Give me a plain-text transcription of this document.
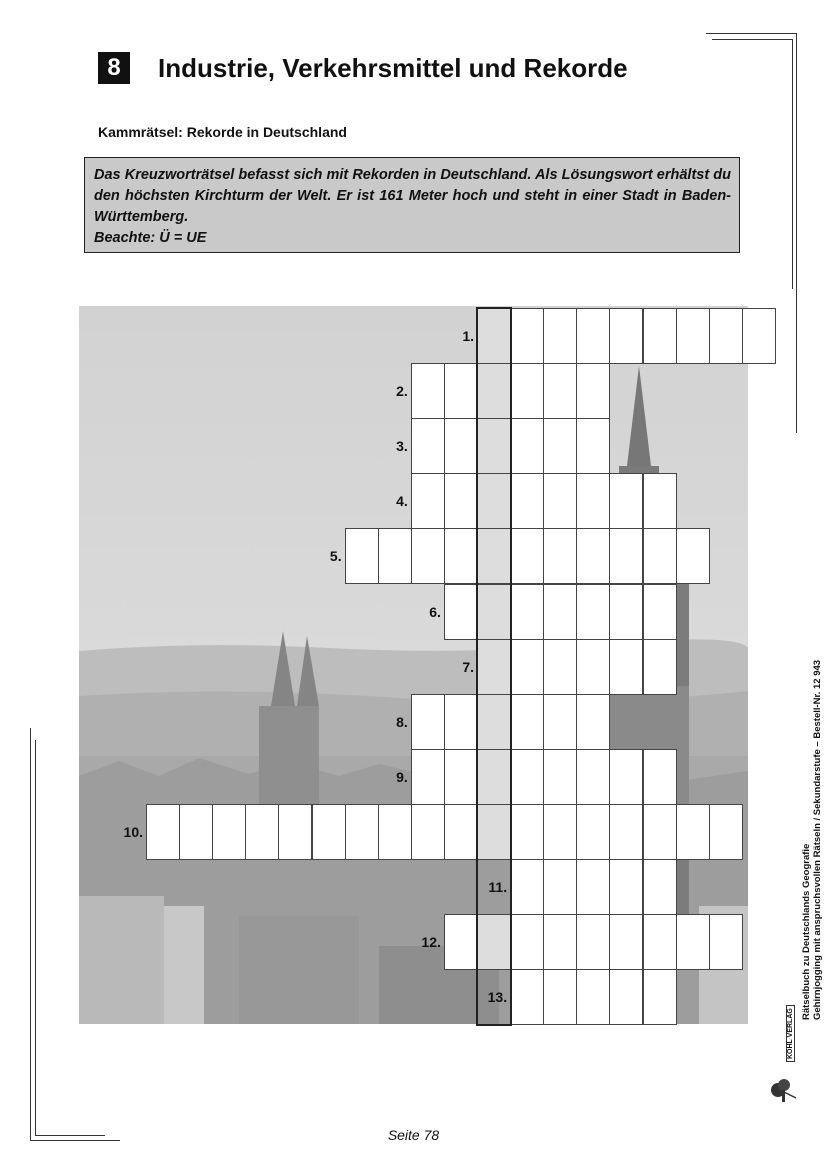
8	Industrie, Verkehrsmittel und Rekorde
Kammrätsel: Rekorde in Deutschland
Das Kreuzworträtsel befasst sich mit Rekorden in Deutschland. Als Lösungswort erhältst du den höchsten Kirchturm der Welt. Er ist 161 Meter hoch und steht in einer Stadt in Baden-Württemberg.
Beachte: Ü = UE
1.
2.
3.
4.
5.
6.
7.
8.
9.
10.
11.
12.
13.	Rätselbuch zu Deutschlands Geografie Gehirnjogging mit anspruchsvollen Rätseln / Sekundarstufe – Bestell-Nr. 12 943
KOHL VERLAG
Seite 78
